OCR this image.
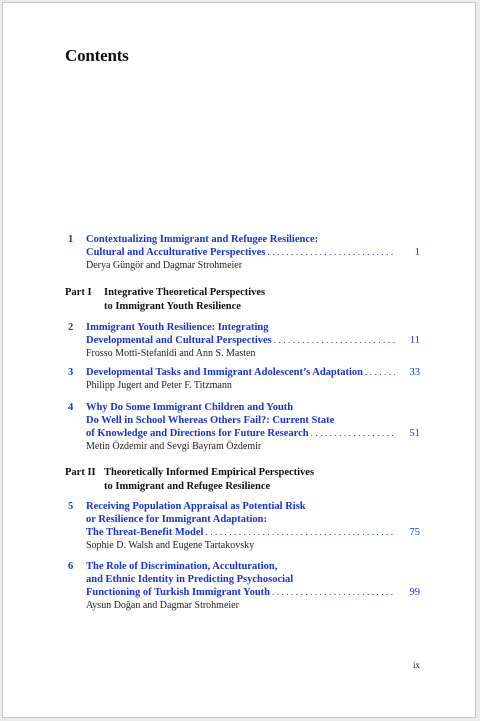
Contents
1	Contextualizing Immigrant and Refugee Resilience:
Cultural and Acculturative Perspectives . . .	1
Derya Güngör and Dagmar Strohmeier
2	Immigrant Youth Resilience: Integrating
Developmental and Cultural Perspectives . . .	11
Frosso Motti-Stefanidi and Ann S. Masten
3	Developmental Tasks and Immigrant Adolescent’s Adaptation . . .	33
Philipp Jugert and Peter F. Titzmann
4	Why Do Some Immigrant Children and Youth
Do Well in School Whereas Others Fail?: Current State
of Knowledge and Directions for Future Research . . .	51
Metin Özdemir and Sevgi Bayram Özdemir
5	Receiving Population Appraisal as Potential Risk
or Resilience for Immigrant Adaptation:
The Threat-Benefit Model . . .	75
Sophie D. Walsh and Eugene Tartakovsky
6	The Role of Discrimination, Acculturation,
and Ethnic Identity in Predicting Psychosocial
Functioning of Turkish Immigrant Youth . . .	99
Aysun Doğan and Dagmar Strohmeier
Part I Integrative Theoretical Perspectives
to Immigrant Youth Resilience
Part II Theoretically Informed Empirical Perspectives
to Immigrant and Refugee Resilience
ix
